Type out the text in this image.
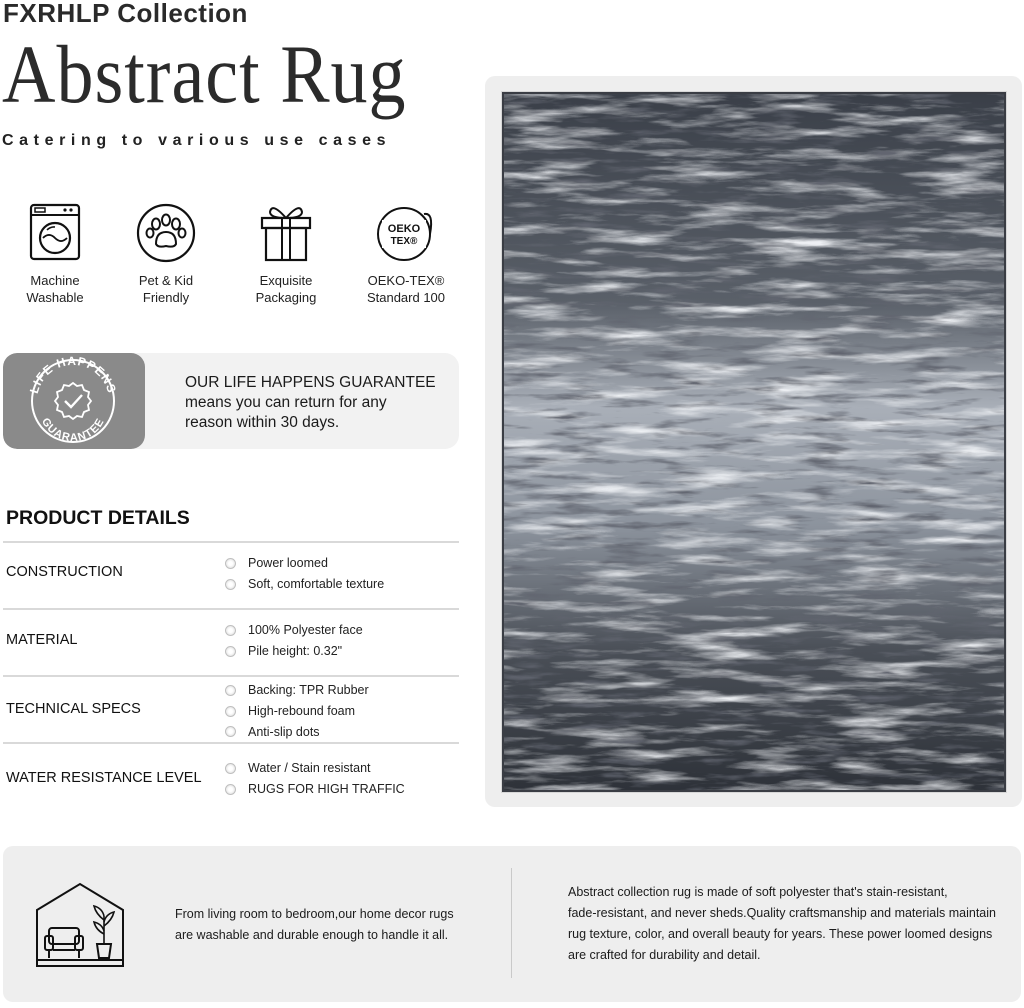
FXRHLP Collection
Abstract Rug
Catering to various use cases
Machine
Washable
Pet & Kid
Friendly
Exquisite
Packaging
OEKO
TEX®
OEKO-TEX®
Standard 100
LIFE HAPPENS
GUARANTEE
OUR LIFE HAPPENS GUARANTEE
means you can return for any
reason within 30 days.
PRODUCT DETAILS
CONSTRUCTION
Power loomed
Soft, comfortable texture
MATERIAL
100% Polyester face
Pile height: 0.32"
TECHNICAL SPECS
Backing: TPR Rubber
High-rebound foam
Anti-slip dots
WATER RESISTANCE LEVEL
Water / Stain resistant
RUGS FOR HIGH TRAFFIC
From living room to bedroom,our home decor rugs
are washable and durable enough to handle it all.
Abstract collection rug is made of soft polyester that's stain-resistant,
fade-resistant, and never sheds.Quality craftsmanship and materials maintain
rug texture, color, and overall beauty for years. These power loomed designs
are crafted for durability and detail.
